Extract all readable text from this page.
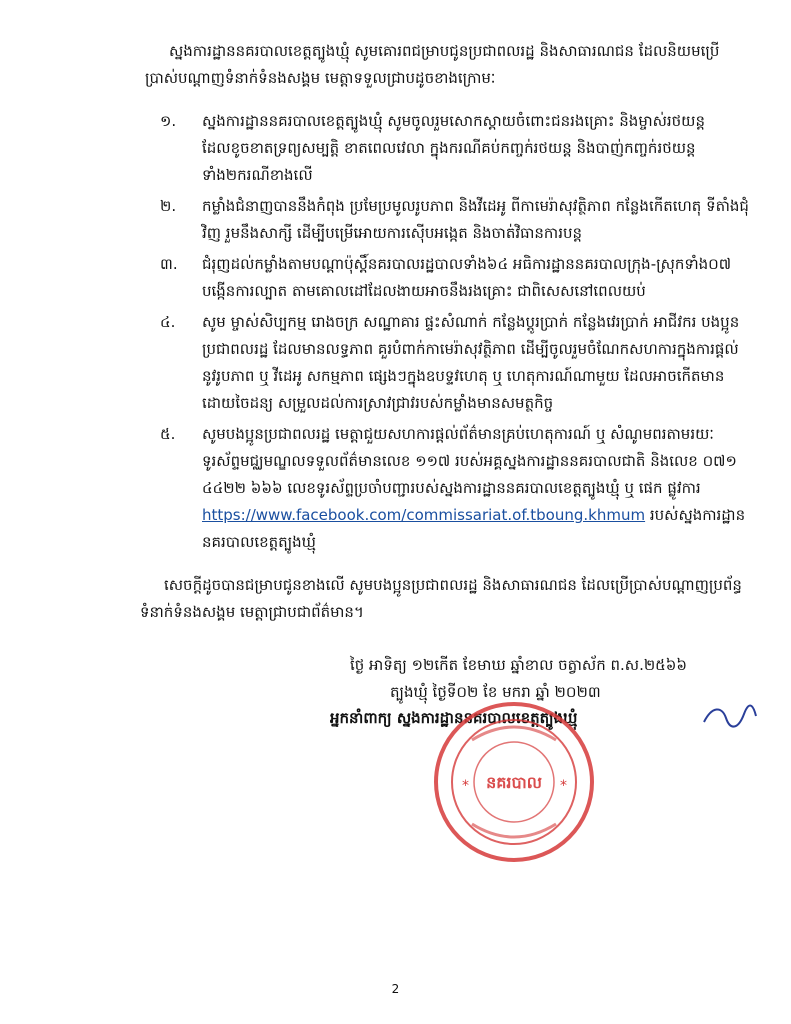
ស្នងការដ្ឋាននគរបាលខេត្តត្បូងឃ្មុំ សូមគោរពជម្រាបជូនប្រជាពលរដ្ឋ និងសាធារណជន ដែលនិយមប្រើប្រាស់បណ្តាញទំនាក់ទំនងសង្គម មេត្តាទទួលជ្រាបដូចខាងក្រោមៈ

១.	ស្នងការដ្ឋាននគរបាលខេត្តត្បូងឃ្មុំ សូមចូលរួមសោកស្តាយចំពោះជនរងគ្រោះ និងម្ចាស់រថយន្តដែលខូចខាតទ្រព្យសម្បត្តិ ខាតពេលវេលា ក្នុងករណីគប់កញ្ចក់រថយន្ត និងបាញ់កញ្ចក់រថយន្តទាំង២ករណីខាងលើ
២.	កម្លាំងជំនាញបាននឹងកំពុង ប្រមែប្រមូលរូបភាព និងវីដេអូ ពីកាមេរ៉ាសុវត្ថិភាព កន្លែងកើតហេតុ ទីតាំងជុំវិញ រួមនឹងសាក្សី ដើម្បីបម្រើអោយការស៊ើបអង្កេត និងចាត់វិធានការបន្ត
៣.	ជំរុញដល់កម្លាំងតាមបណ្តាប៉ុស្តិ៍នគរបាលរដ្ឋបាលទាំង៦៤ អធិការដ្ឋាននគរបាលក្រុង-ស្រុកទាំង០៧ បង្កើនការល្បាត តាមគោលដៅដែលងាយអាចនឹងរងគ្រោះ ជាពិសេសនៅពេលយប់
៤.	សូម ម្ចាស់សិប្បកម្ម រោងចក្រ សណ្ឋាគារ ផ្ទះសំណាក់ កន្លែងប្តូរប្រាក់ កន្លែងវេរប្រាក់ អាជីវករ បងប្អូនប្រជាពលរដ្ឋ ដែលមានលទ្ធភាព គួរបំពាក់កាមេរ៉ាសុវត្ថិភាព ដើម្បីចូលរួមចំណែកសហការក្នុងការផ្តល់នូវរូបភាព ឬ វីដេអូ សកម្មភាព ផ្សេងៗក្នុងឧបទ្ទវហេតុ ឬ ហេតុការណ៍ណាមួយ ដែលអាចកើតមានដោយចៃដន្យ សម្រួលដល់ការស្រាវជ្រាវរបស់កម្លាំងមានសមត្ថកិច្ច
៥.	សូមបងប្អូនប្រជាពលរដ្ឋ មេត្តាជួយសហការផ្តល់ព័ត៌មានគ្រប់ហេតុការណ៍ ឬ សំណូមពរតាមរយៈ ទូរស័ព្ទមជ្ឈមណ្ឌលទទួលព័ត៌មានលេខ ១១៧ របស់អគ្គស្នងការដ្ឋាននគរបាលជាតិ និងលេខ ០៧១ ៤៤២២ ៦៦៦ លេខទូរស័ព្ទប្រចាំបញ្ជារបស់ស្នងការដ្ឋាននគរបាលខេត្តត្បូងឃ្មុំ ឬ ផេក ផ្លូវការ https://www.facebook.com/commissariat.of.tboung.khmum របស់ស្នងការដ្ឋាននគរបាលខេត្តត្បូងឃ្មុំ

សេចក្តីដូចបានជម្រាបជូនខាងលើ សូមបងប្អូនប្រជាពលរដ្ឋ និងសាធារណជន ដែលប្រើប្រាស់បណ្តាញប្រព័ន្ធទំនាក់ទំនងសង្គម មេត្តាជ្រាបជាព័ត៌មាន។

ថ្ងៃ អាទិត្យ ១២កើត ខែមាឃ ឆ្នាំខាល ចត្វាស័ក ព.ស.២៥៦៦
ត្បូងឃ្មុំ ថ្ងៃទី០២ ខែ មករា ឆ្នាំ ២០២៣
អ្នកនាំពាក្យ ស្នងការដ្ឋាននគរបាលខេត្តត្បូងឃ្មុំ
នគរបាល
*	*
2
